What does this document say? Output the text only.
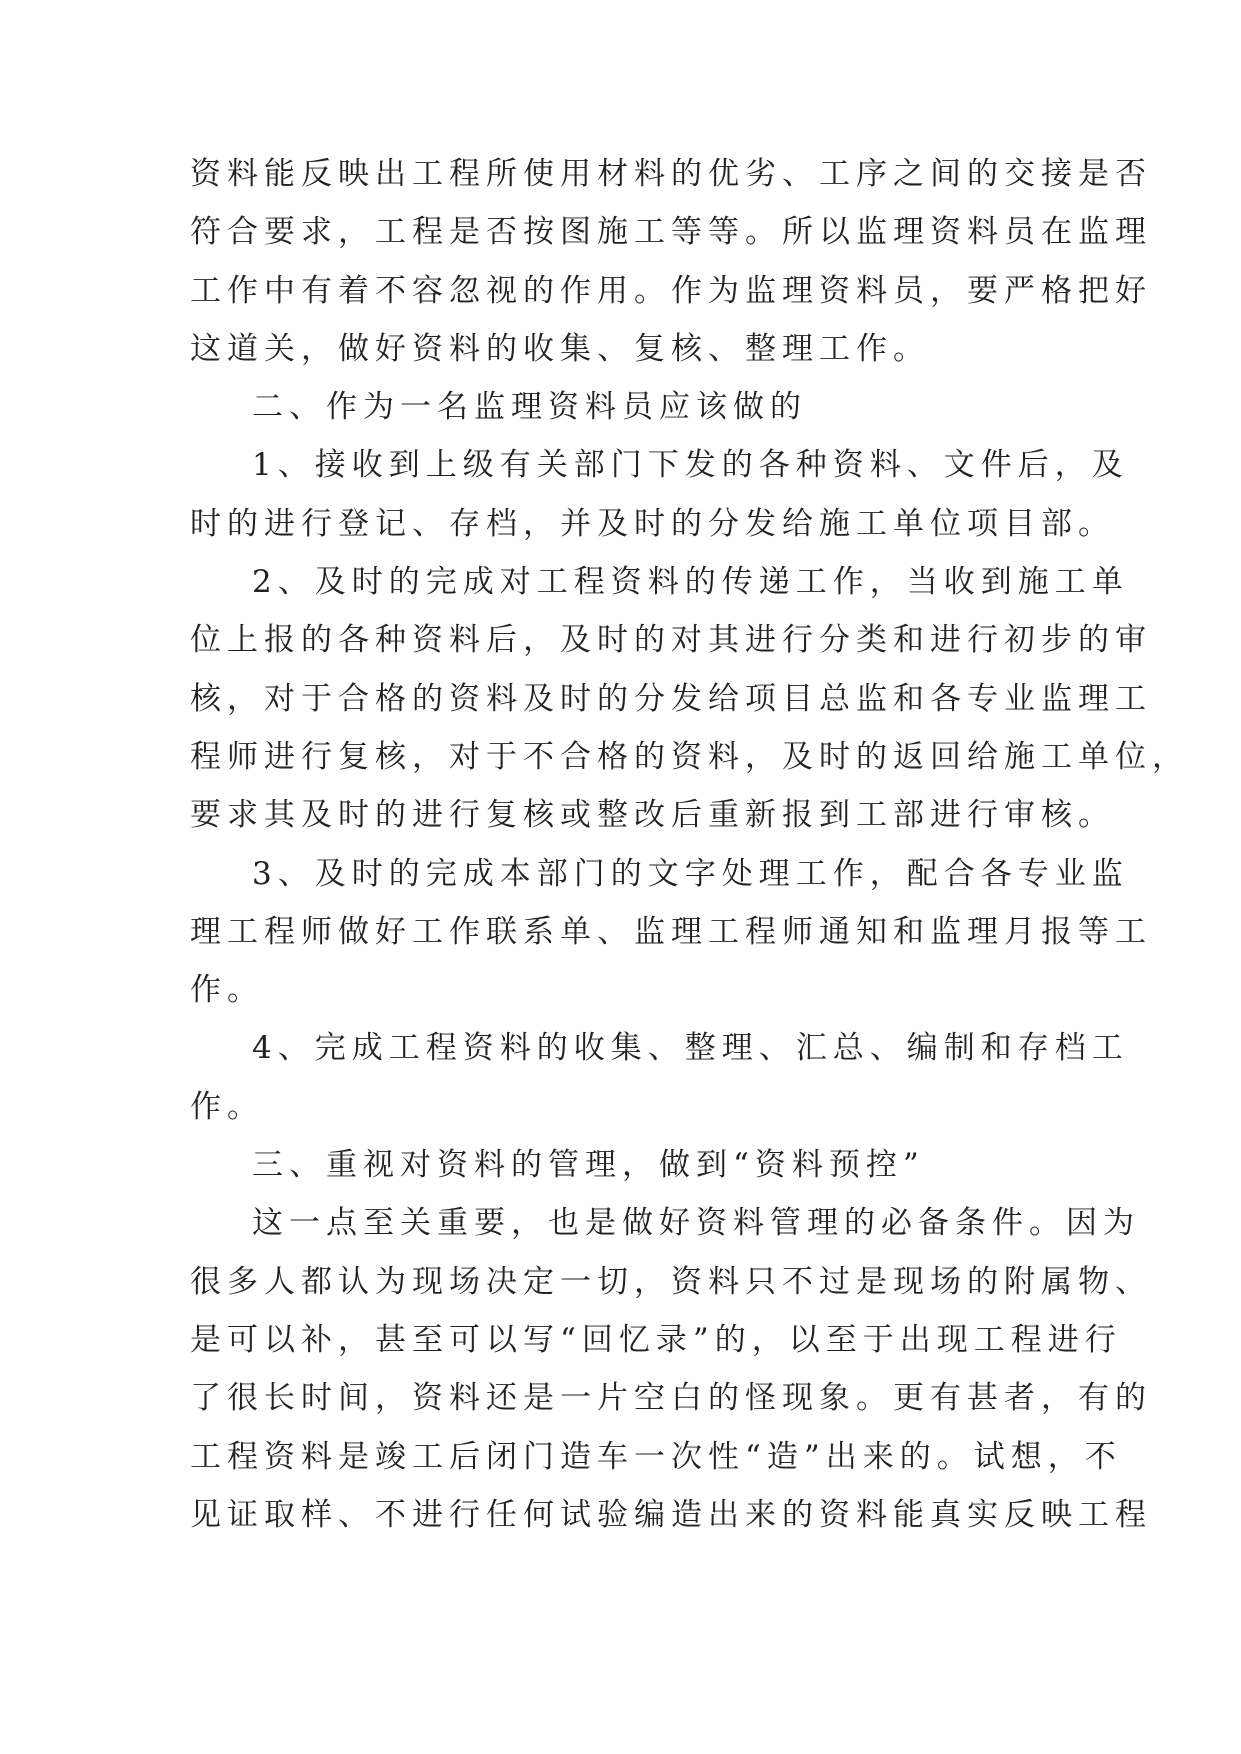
资料能反映出工程所使用材料的优劣、工序之间的交接是否
符合要求，工程是否按图施工等等。所以监理资料员在监理
工作中有着不容忽视的作用。作为监理资料员，要严格把好
这道关，做好资料的收集、复核、整理工作。
二、作为一名监理资料员应该做的
1、接收到上级有关部门下发的各种资料、文件后，及
时的进行登记、存档，并及时的分发给施工单位项目部。
2、及时的完成对工程资料的传递工作，当收到施工单
位上报的各种资料后，及时的对其进行分类和进行初步的审
核，对于合格的资料及时的分发给项目总监和各专业监理工
程师进行复核，对于不合格的资料，及时的返回给施工单位，
要求其及时的进行复核或整改后重新报到工部进行审核。
3、及时的完成本部门的文字处理工作，配合各专业监
理工程师做好工作联系单、监理工程师通知和监理月报等工
作。
4、完成工程资料的收集、整理、汇总、编制和存档工
作。
三、重视对资料的管理，做到“资料预控”
这一点至关重要，也是做好资料管理的必备条件。因为
很多人都认为现场决定一切，资料只不过是现场的附属物、
是可以补，甚至可以写“回忆录”的，以至于出现工程进行
了很长时间，资料还是一片空白的怪现象。更有甚者，有的
工程资料是竣工后闭门造车一次性“造”出来的。试想，不
见证取样、不进行任何试验编造出来的资料能真实反映工程
